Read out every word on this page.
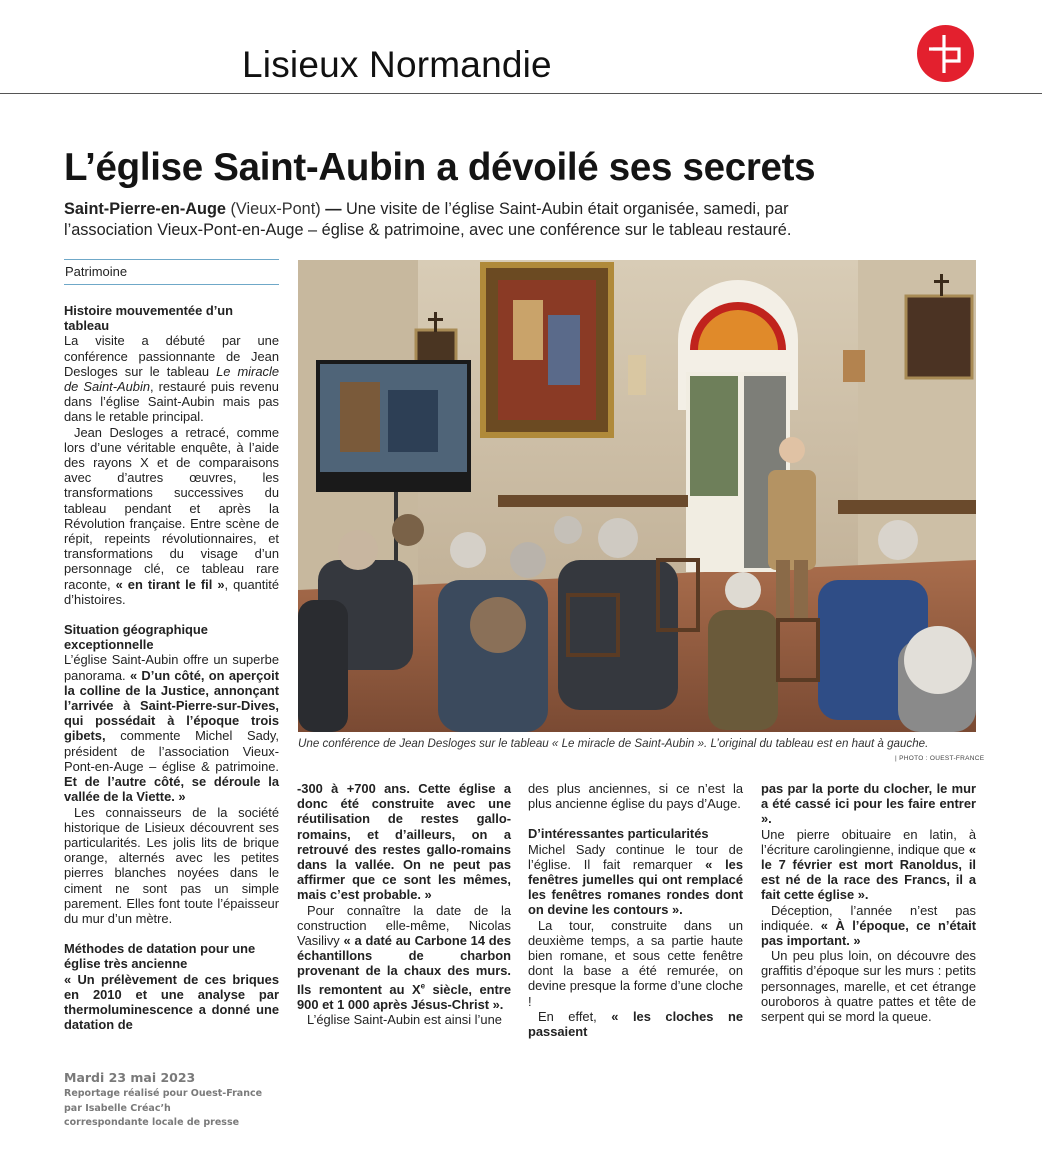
Lisieux Normandie
L’église Saint-Aubin a dévoilé ses secrets
Saint-Pierre-en-Auge (Vieux-Pont) — Une visite de l’église Saint-Aubin était organisée, samedi, par l’association Vieux-Pont-en-Auge – église & patrimoine, avec une conférence sur le tableau restauré.
Patrimoine
Histoire mouvementée d’un tableau

La visite a débuté par une conférence passionnante de Jean Desloges sur le tableau Le miracle de Saint-Aubin, restauré puis revenu dans l’église Saint-Aubin mais pas dans le retable principal.

Jean Desloges a retracé, comme lors d’une véritable enquête, à l’aide des rayons X et de comparaisons avec d’autres œuvres, les transformations successives du tableau pendant et après la Révolution française. Entre scène de répit, repeints révolutionnaires, et transformations du visage d’un personnage clé, ce tableau rare raconte, « en tirant le fil », quantité d’histoires.

Situation géographique exceptionnelle

L’église Saint-Aubin offre un superbe panorama. « D’un côté, on aperçoit la colline de la Justice, annonçant l’arrivée à Saint-Pierre-sur-Dives, qui possédait à l’époque trois gibets, commente Michel Sady, président de l’association Vieux-Pont-en-Auge – église & patrimoine. Et de l’autre côté, se déroule la vallée de la Viette. »

Les connaisseurs de la société historique de Lisieux découvrent ses particularités. Les jolis lits de brique orange, alternés avec les petites pierres blanches noyées dans le ciment ne sont pas un simple parement. Elles font toute l’épaisseur du mur d’un mètre.

Méthodes de datation pour une église très ancienne

« Un prélèvement de ces briques en 2010 et une analyse par thermoluminescence a donné une datation de

Une conférence de Jean Desloges sur le tableau « Le miracle de Saint-Aubin ». L’original du tableau est en haut à gauche.
| PHOTO : OUEST-FRANCE

-300 à +700 ans. Cette église a donc été construite avec une réutilisation de restes gallo-romains, et d’ailleurs, on a retrouvé des restes gallo-romains dans la vallée. On ne peut pas affirmer que ce sont les mêmes, mais c’est probable. »

Pour connaître la date de la construction elle-même, Nicolas Vasilivy « a daté au Carbone 14 des échantillons de charbon provenant de la chaux des murs. Ils remontent au Xe siècle, entre 900 et 1 000 après Jésus-Christ ».

L’église Saint-Aubin est ainsi l’une

des plus anciennes, si ce n’est la plus ancienne église du pays d’Auge.

D’intéressantes particularités

Michel Sady continue le tour de l’église. Il fait remarquer « les fenêtres jumelles qui ont remplacé les fenêtres romanes rondes dont on devine les contours ».

La tour, construite dans un deuxième temps, a sa partie haute bien romane, et sous cette fenêtre dont la base a été remurée, on devine presque la forme d’une cloche !

En effet, « les cloches ne passaient

pas par la porte du clocher, le mur a été cassé ici pour les faire entrer ».

Une pierre obituaire en latin, à l’écriture carolingienne, indique que « le 7 février est mort Ranoldus, il est né de la race des Francs, il a fait cette église ».

Déception, l’année n’est pas indiquée. « À l’époque, ce n’était pas important. »

Un peu plus loin, on découvre des graffitis d’époque sur les murs : petits personnages, marelle, et cet étrange ouroboros à quatre pattes et tête de serpent qui se mord la queue.

Mardi 23 mai 2023
Reportage réalisé pour Ouest-France
par Isabelle Créac’h
correspondante locale de presse
